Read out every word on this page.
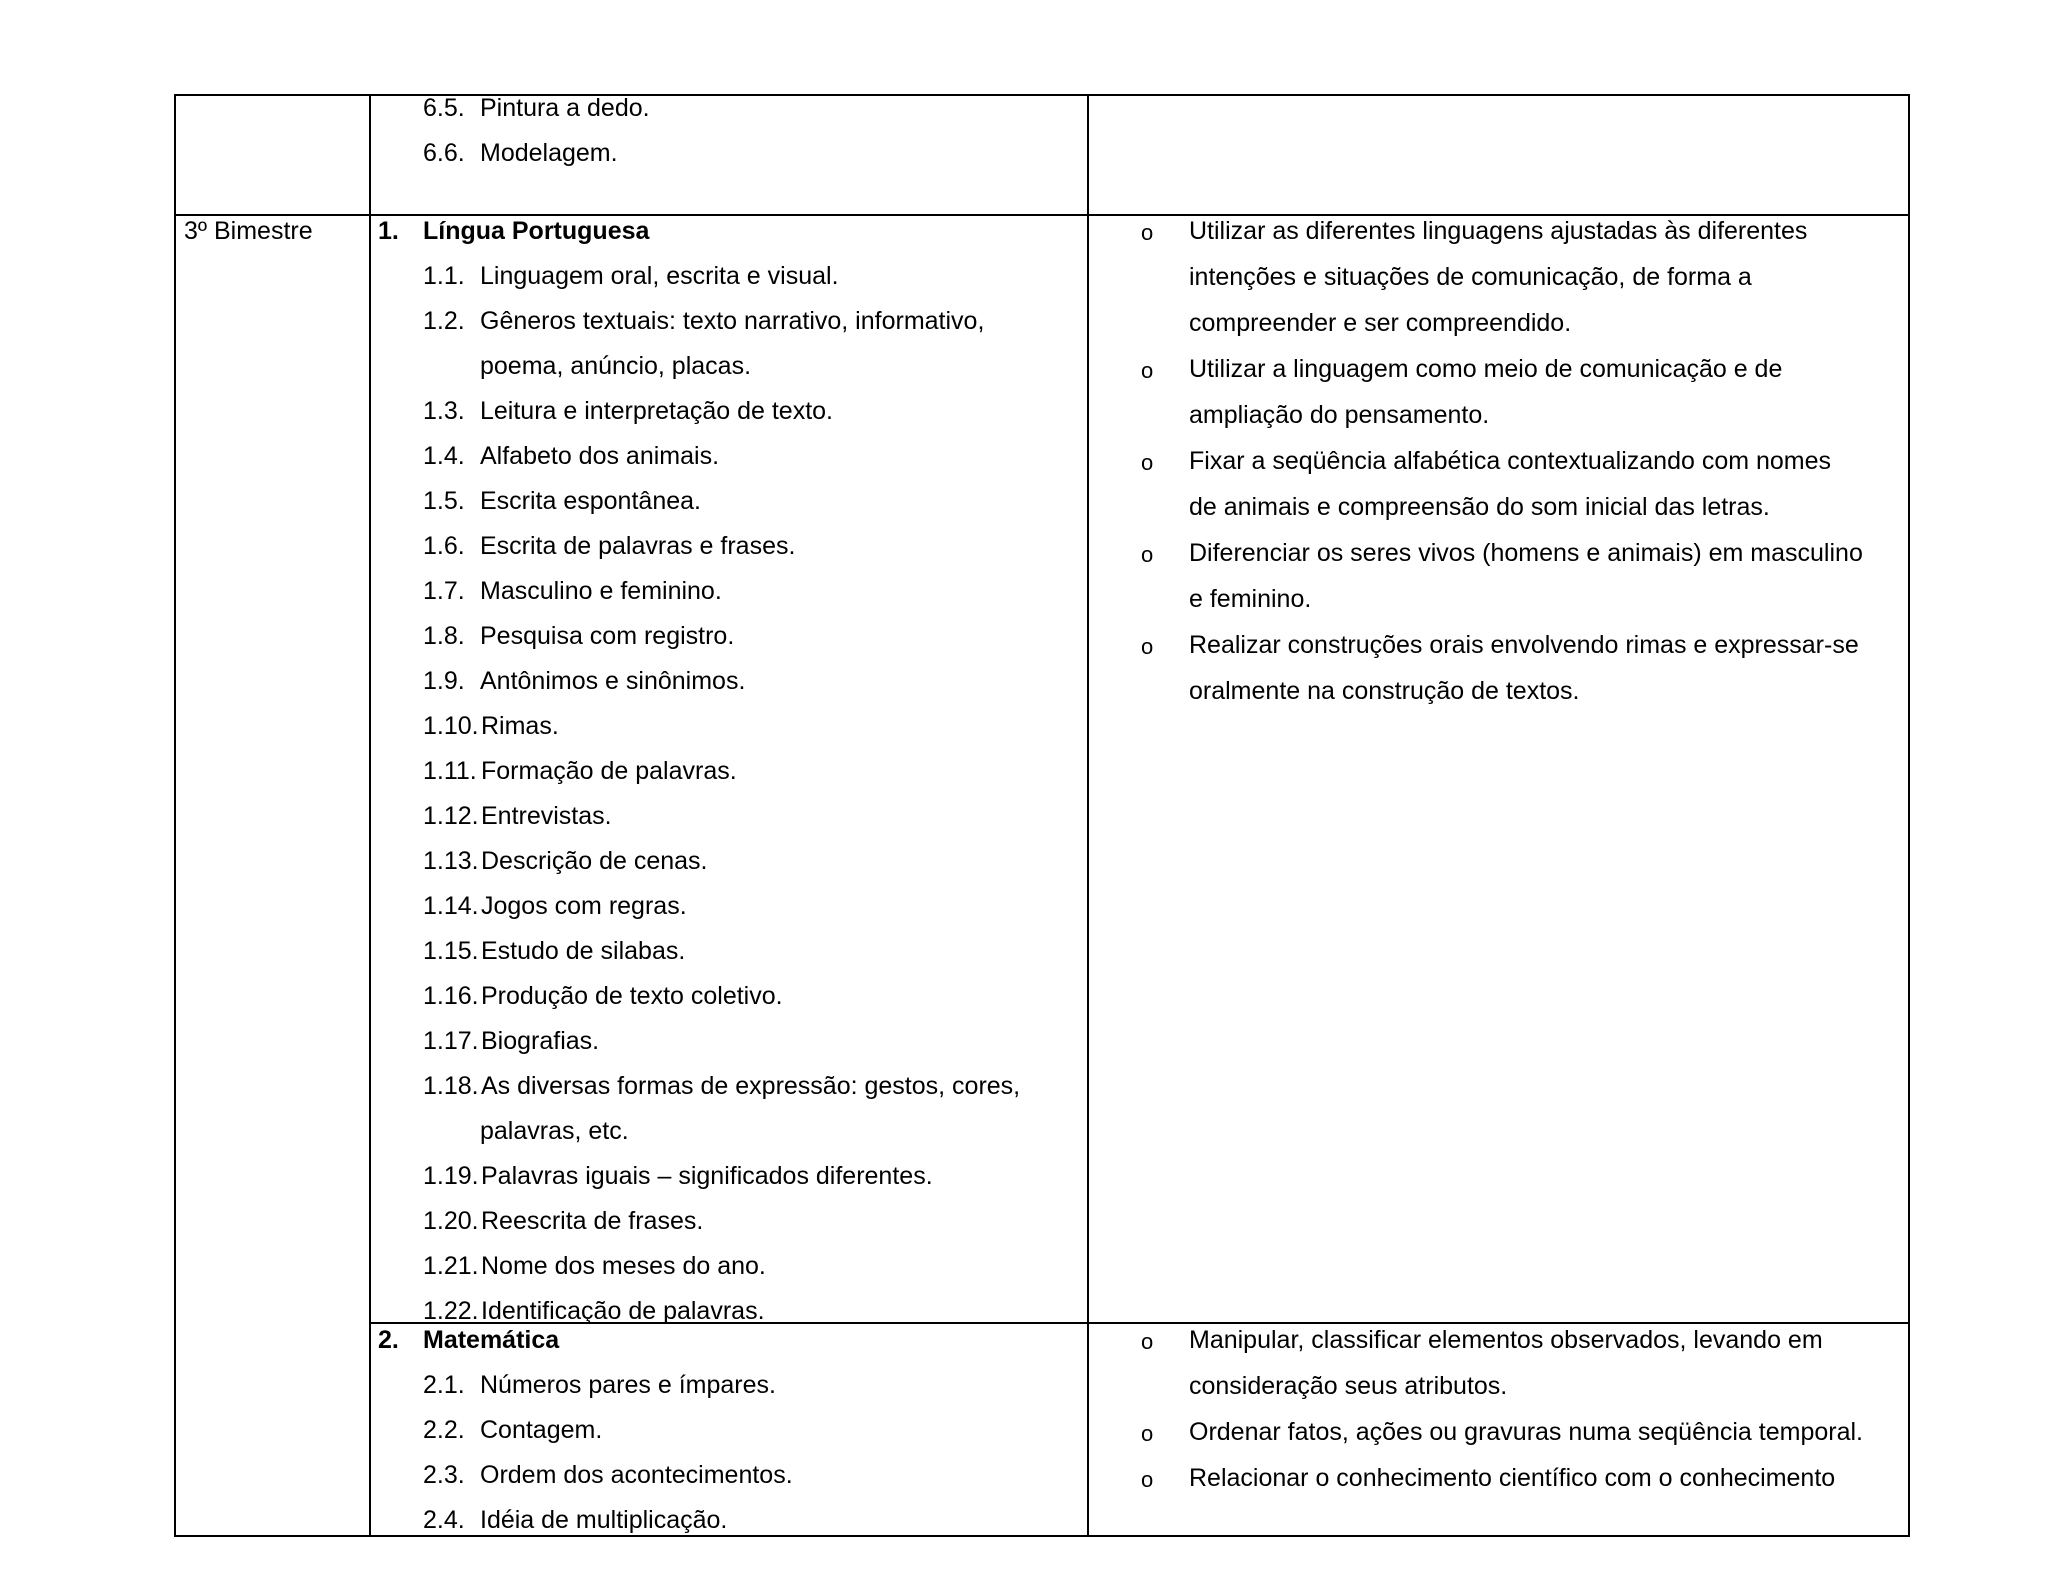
6.5. Pintura a dedo.
6.6. Modelagem.
3º Bimestre	1. Língua Portuguesa
1.1. Linguagem oral, escrita e visual.
1.2. Gêneros textuais: texto narrativo, informativo,
poema, anúncio, placas.
1.3. Leitura e interpretação de texto.
1.4. Alfabeto dos animais.
1.5. Escrita espontânea.
1.6. Escrita de palavras e frases.
1.7. Masculino e feminino.
1.8. Pesquisa com registro.
1.9. Antônimos e sinônimos.
1.10. Rimas.
1.11. Formação de palavras.
1.12. Entrevistas.
1.13. Descrição de cenas.
1.14. Jogos com regras.
1.15. Estudo de silabas.
1.16. Produção de texto coletivo.
1.17. Biografias.
1.18. As diversas formas de expressão: gestos, cores,
palavras, etc.
1.19. Palavras iguais – significados diferentes.
1.20. Reescrita de frases.
1.21. Nome dos meses do ano.
1.22. Identificação de palavras.
o Utilizar as diferentes linguagens ajustadas às diferentes
intenções e situações de comunicação, de forma a
compreender e ser compreendido.
o Utilizar a linguagem como meio de comunicação e de
ampliação do pensamento.
o Fixar a seqüência alfabética contextualizando com nomes
de animais e compreensão do som inicial das letras.
o Diferenciar os seres vivos (homens e animais) em masculino
e feminino.
o Realizar construções orais envolvendo rimas e expressar-se
oralmente na construção de textos.
2. Matemática
2.1. Números pares e ímpares.
2.2. Contagem.
2.3. Ordem dos acontecimentos.
2.4. Idéia de multiplicação.
o Manipular, classificar elementos observados, levando em
consideração seus atributos.
o Ordenar fatos, ações ou gravuras numa seqüência temporal.
o Relacionar o conhecimento científico com o conhecimento
